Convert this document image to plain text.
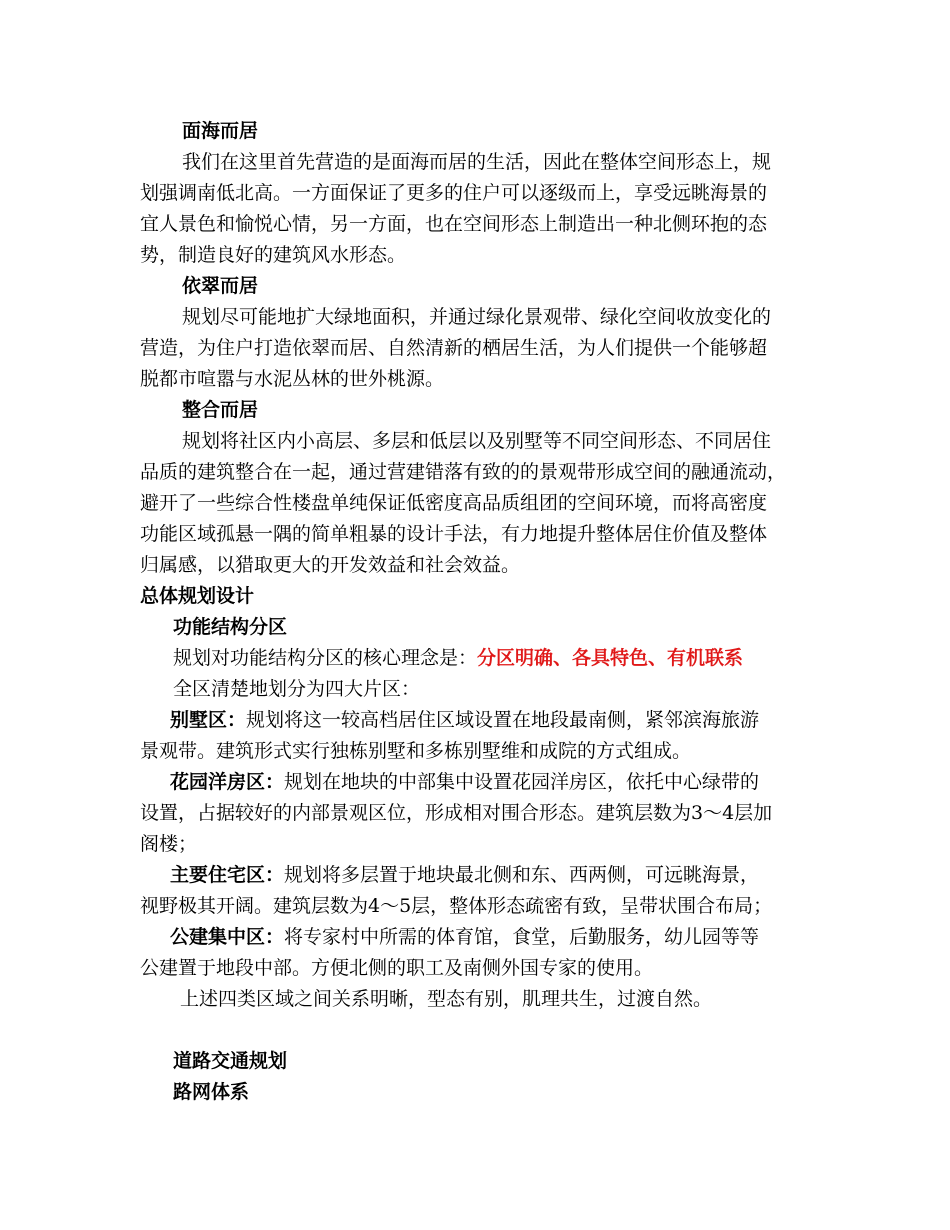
面海而居
我们在这里首先营造的是面海而居的生活，因此在整体空间形态上，规
划强调南低北高。一方面保证了更多的住户可以逐级而上，享受远眺海景的
宜人景色和愉悦心情，另一方面，也在空间形态上制造出一种北侧环抱的态
势，制造良好的建筑风水形态。
依翠而居
规划尽可能地扩大绿地面积，并通过绿化景观带、绿化空间收放变化的
营造，为住户打造依翠而居、自然清新的栖居生活，为人们提供一个能够超
脱都市喧嚣与水泥丛林的世外桃源。
整合而居
规划将社区内小高层、多层和低层以及别墅等不同空间形态、不同居住
品质的建筑整合在一起，通过营建错落有致的的景观带形成空间的融通流动，
避开了一些综合性楼盘单纯保证低密度高品质组团的空间环境，而将高密度
功能区域孤悬一隅的简单粗暴的设计手法，有力地提升整体居住价值及整体
归属感，以猎取更大的开发效益和社会效益。
总体规划设计
功能结构分区
规划对功能结构分区的核心理念是：分区明确、各具特色、有机联系
全区清楚地划分为四大片区：
别墅区：规划将这一较高档居住区域设置在地段最南侧，紧邻滨海旅游
景观带。建筑形式实行独栋别墅和多栋别墅维和成院的方式组成。
花园洋房区：规划在地块的中部集中设置花园洋房区，依托中心绿带的
设置，占据较好的内部景观区位，形成相对围合形态。建筑层数为3～4层加
阁楼；
主要住宅区：规划将多层置于地块最北侧和东、西两侧，可远眺海景，
视野极其开阔。建筑层数为4～5层，整体形态疏密有致，呈带状围合布局；
公建集中区：将专家村中所需的体育馆，食堂，后勤服务，幼儿园等等
公建置于地段中部。方便北侧的职工及南侧外国专家的使用。
上述四类区域之间关系明晰，型态有别，肌理共生，过渡自然。
道路交通规划
路网体系
